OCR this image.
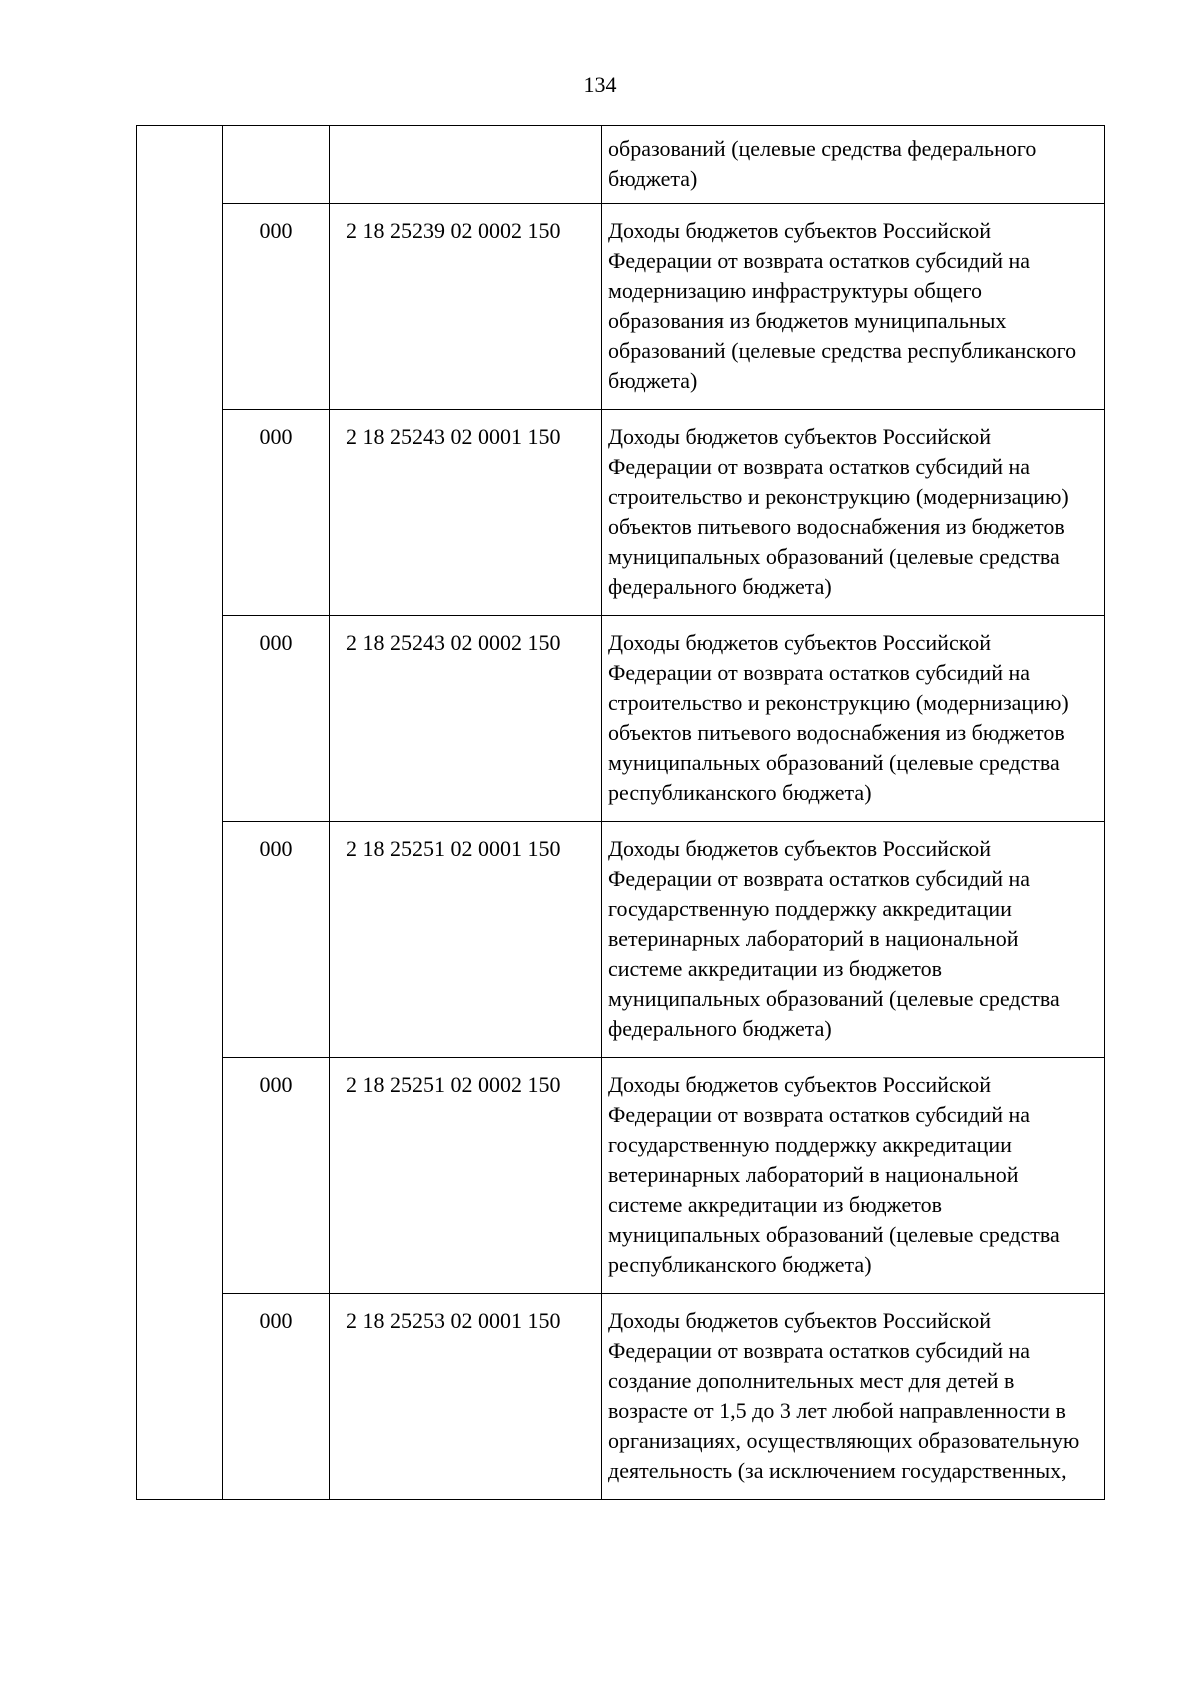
134
			образований (целевые средства федерального бюджета)
	000	2 18 25239 02 0002 150	Доходы бюджетов субъектов Российской Федерации от возврата остатков субсидий на модернизацию инфраструктуры общего образования из бюджетов муниципальных образований (целевые средства республиканского бюджета)
	000	2 18 25243 02 0001 150	Доходы бюджетов субъектов Российской Федерации от возврата остатков субсидий на строительство и реконструкцию (модернизацию) объектов питьевого водоснабжения из бюджетов муниципальных образований (целевые средства федерального бюджета)
	000	2 18 25243 02 0002 150	Доходы бюджетов субъектов Российской Федерации от возврата остатков субсидий на строительство и реконструкцию (модернизацию) объектов питьевого водоснабжения из бюджетов муниципальных образований (целевые средства республиканского бюджета)
	000	2 18 25251 02 0001 150	Доходы бюджетов субъектов Российской Федерации от возврата остатков субсидий на государственную поддержку аккредитации ветеринарных лабораторий в национальной системе аккредитации из бюджетов муниципальных образований (целевые средства федерального бюджета)
	000	2 18 25251 02 0002 150	Доходы бюджетов субъектов Российской Федерации от возврата остатков субсидий на государственную поддержку аккредитации ветеринарных лабораторий в национальной системе аккредитации из бюджетов муниципальных образований (целевые средства республиканского бюджета)
	000	2 18 25253 02 0001 150	Доходы бюджетов субъектов Российской Федерации от возврата остатков субсидий на создание дополнительных мест для детей в возрасте от 1,5 до 3 лет любой направленности в организациях, осуществляющих образовательную деятельность (за исключением государственных,
